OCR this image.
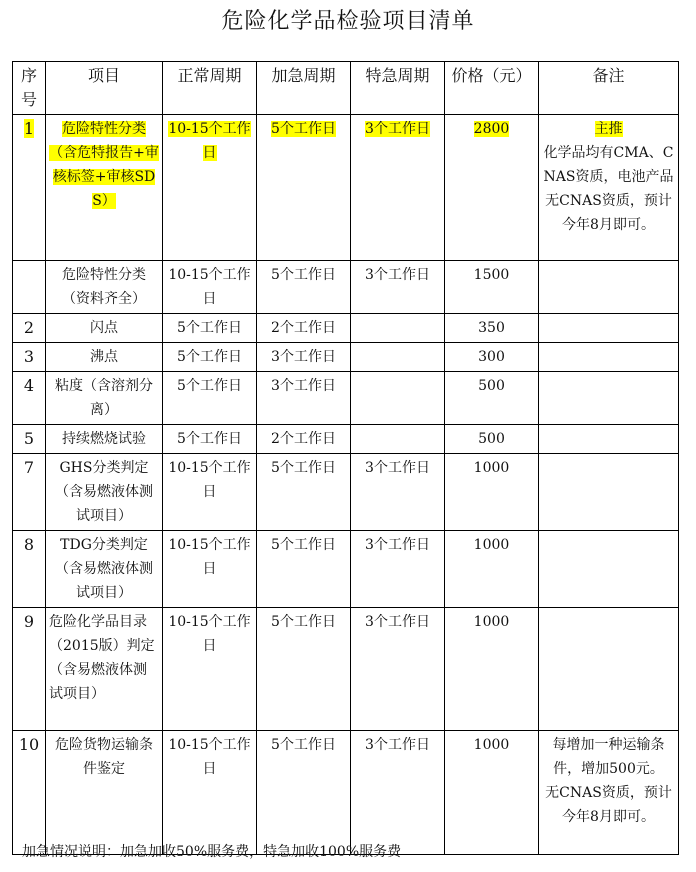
危险化学品检验项目清单
序号	项目	正常周期	加急周期	特急周期	价格（元）	备注
1	危险特性分类（含危特报告+审核标签+审核SDS）	10-15个工作日	5个工作日	3个工作日	2800	主推
化学品均有CMA、CNAS资质，电池产品无CNAS资质，预计今年8月即可。

	危险特性分类（资料齐全）	10-15个工作日	5个工作日	3个工作日	1500	
2	闪点	5个工作日	2个工作日		350	
3	沸点	5个工作日	3个工作日		300	
4	粘度（含溶剂分离）	5个工作日	3个工作日		500	
5	持续燃烧试验	5个工作日	2个工作日		500	
7	GHS分类判定（含易燃液体测试项目）	10-15个工作日	5个工作日	3个工作日	1000	
8	TDG分类判定（含易燃液体测试项目）	10-15个工作日	5个工作日	3个工作日	1000	
9	危险化学品目录（2015版）判定（含易燃液体测试项目）	10-15个工作日	5个工作日	3个工作日	1000	
10	危险货物运输条件鉴定	10-15个工作日	5个工作日	3个工作日	1000	每增加一种运输条件，增加500元。
无CNAS资质，预计今年8月即可。
加急情况说明：加急加收50%服务费，特急加收100%服务费
